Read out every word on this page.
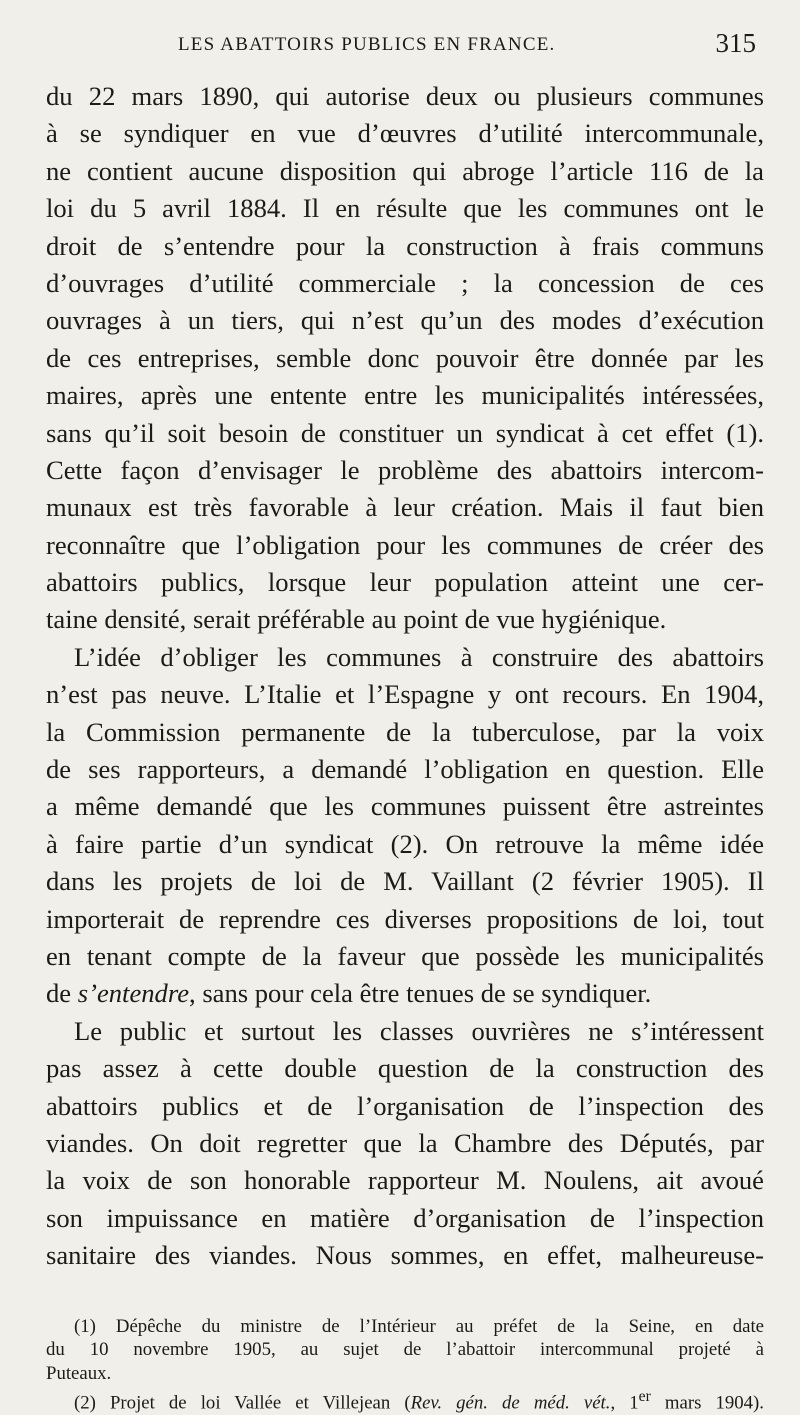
LES ABATTOIRS PUBLICS EN FRANCE.	315
du 22 mars 1890, qui autorise deux ou plusieurs communes
à se syndiquer en vue d’œuvres d’utilité intercommunale,
ne contient aucune disposition qui abroge l’article 116 de la
loi du 5 avril 1884. Il en résulte que les communes ont le
droit de s’entendre pour la construction à frais communs
d’ouvrages d’utilité commerciale ; la concession de ces
ouvrages à un tiers, qui n’est qu’un des modes d’exécution
de ces entreprises, semble donc pouvoir être donnée par les
maires, après une entente entre les municipalités intéressées,
sans qu’il soit besoin de constituer un syndicat à cet effet (1).
Cette façon d’envisager le problème des abattoirs intercom-
munaux est très favorable à leur création. Mais il faut bien
reconnaître que l’obligation pour les communes de créer des
abattoirs publics, lorsque leur population atteint une cer-
taine densité, serait préférable au point de vue hygiénique.
L’idée d’obliger les communes à construire des abattoirs
n’est pas neuve. L’Italie et l’Espagne y ont recours. En 1904,
la Commission permanente de la tuberculose, par la voix
de ses rapporteurs, a demandé l’obligation en question. Elle
a même demandé que les communes puissent être astreintes
à faire partie d’un syndicat (2). On retrouve la même idée
dans les projets de loi de M. Vaillant (2 février 1905). Il
importerait de reprendre ces diverses propositions de loi, tout
en tenant compte de la faveur que possède les municipalités
de s’entendre, sans pour cela être tenues de se syndiquer.
Le public et surtout les classes ouvrières ne s’intéressent
pas assez à cette double question de la construction des
abattoirs publics et de l’organisation de l’inspection des
viandes. On doit regretter que la Chambre des Députés, par
la voix de son honorable rapporteur M. Noulens, ait avoué
son impuissance en matière d’organisation de l’inspection
sanitaire des viandes. Nous sommes, en effet, malheureuse-
(1) Dépêche du ministre de l’Intérieur au préfet de la Seine, en date
du 10 novembre 1905, au sujet de l’abattoir intercommunal projeté à
Puteaux.
(2) Projet de loi Vallée et Villejean (Rev. gén. de méd. vét., 1er mars 1904).
